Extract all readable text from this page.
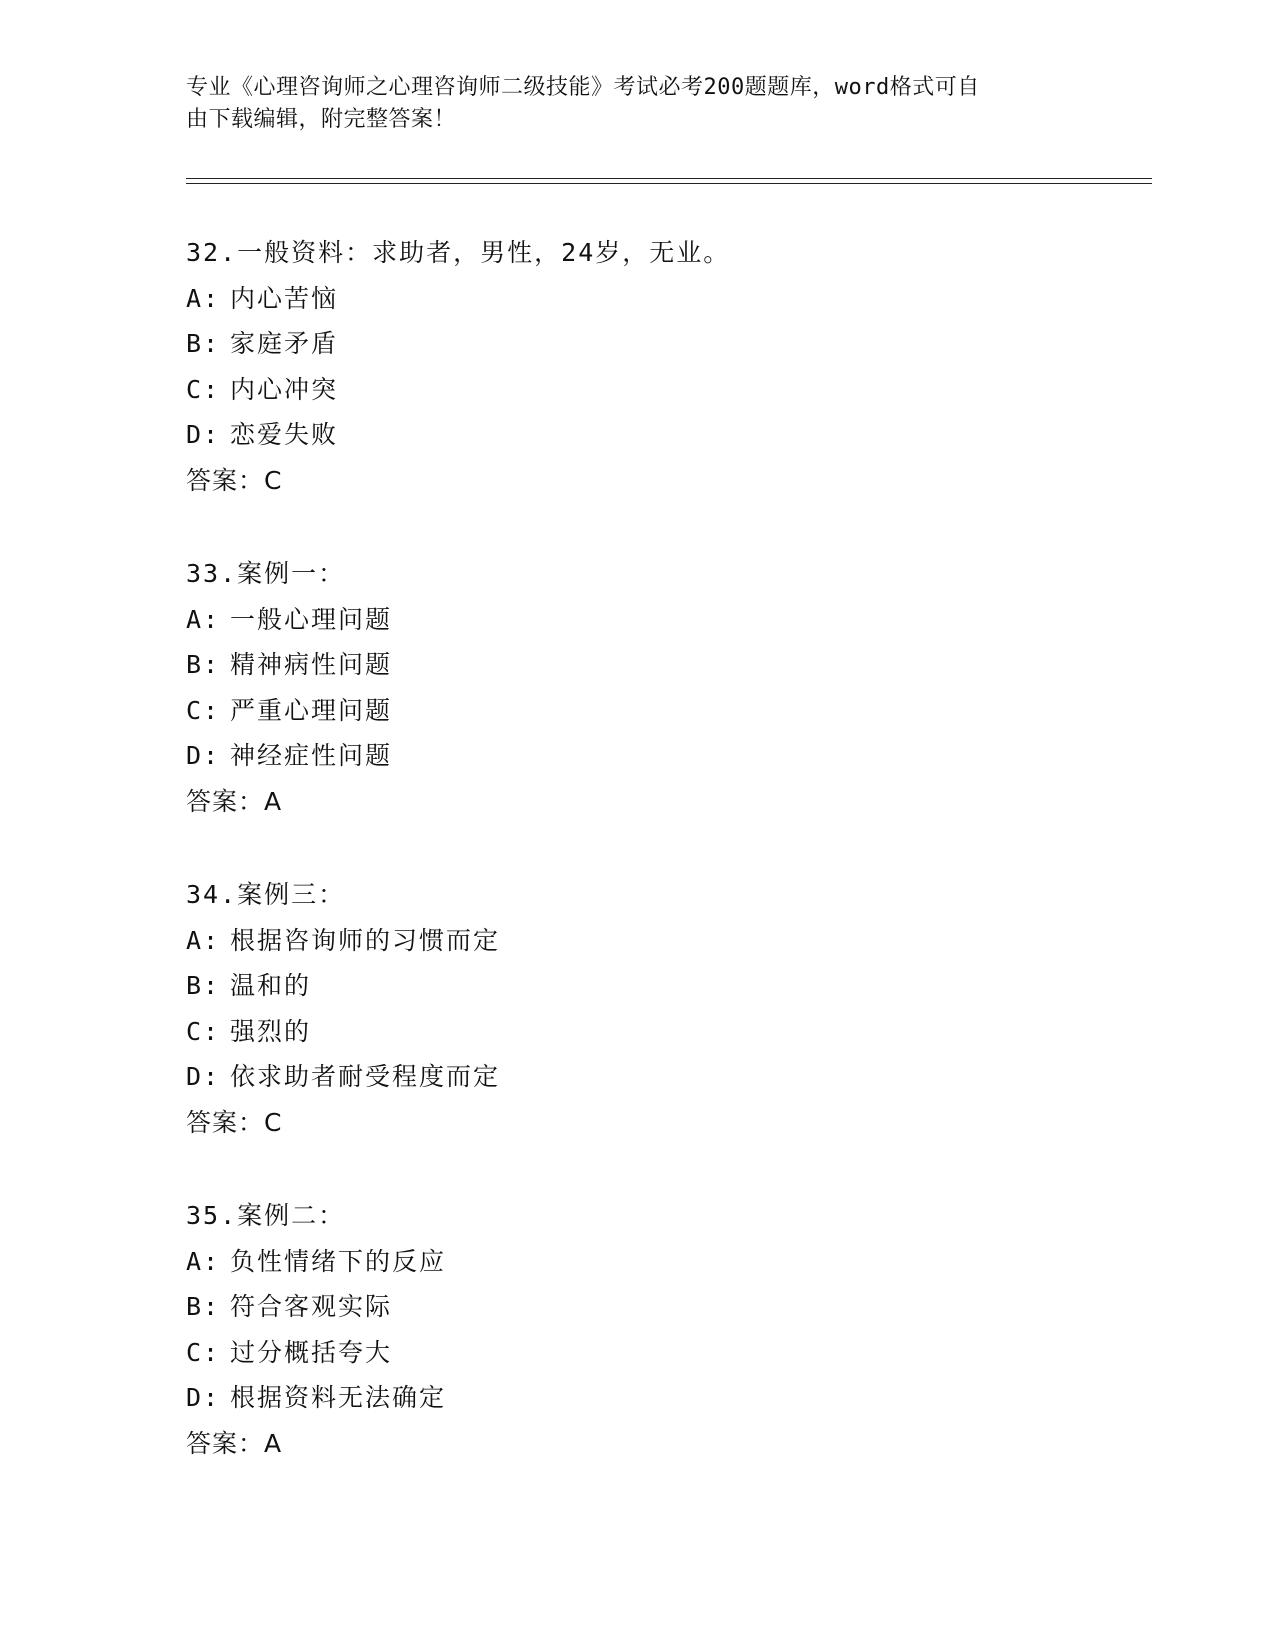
专业《心理咨询师之心理咨询师二级技能》考试必考200题题库，word格式可自
由下载编辑，附完整答案！
32.一般资料：求助者，男性，24岁，无业。
A: 内心苦恼
B: 家庭矛盾
C: 内心冲突
D: 恋爱失败
答案：C
33.案例一：
A: 一般心理问题
B: 精神病性问题
C: 严重心理问题
D: 神经症性问题
答案：A
34.案例三：
A: 根据咨询师的习惯而定
B: 温和的
C: 强烈的
D: 依求助者耐受程度而定
答案：C
35.案例二：
A: 负性情绪下的反应
B: 符合客观实际
C: 过分概括夸大
D: 根据资料无法确定
答案：A
